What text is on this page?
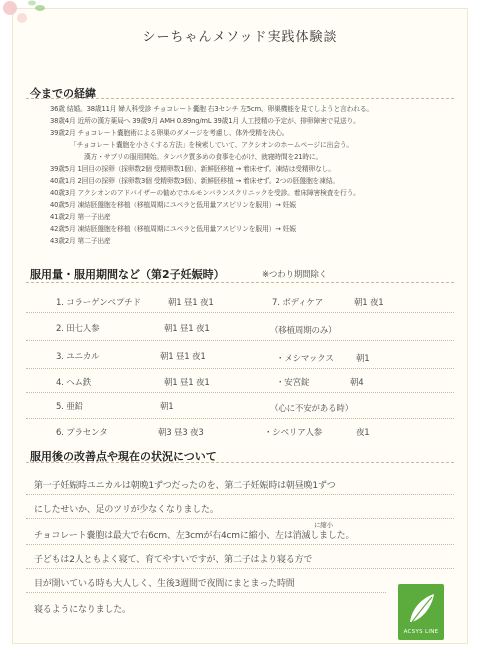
シーちゃんメソッド実践体験談
今までの経緯
36歳 結婚。38歳11月 婦人科受診 チョコレート嚢胞 右3センチ 左5cm、卵巣機能を見てしようと言われる。
38歳4月 近所の漢方薬局へ 39歳9月 AMH 0.89ng/mL 39歳1月 人工授精の予定が、排卵障害で見送り。
39歳2月 チョコレート嚢胞術による卵巣のダメージを考慮し、体外受精を決心。
「チョコレート嚢胞を小さくする方法」を検索していて、アクシオンのホームページに出会う。
漢方・サプリの服用開始。タンパク質多めの食事を心がけ、就寝時間を21時に。
39歳5月 1回目の採卵（採卵数2個 受精卵数1個）、新鮮胚移植 → 着床せず。凍結は受精卵なし。
40歳1月 2回目の採卵（採卵数3個 受精卵数3個）、新鮮胚移植 → 着床せず。2つの胚盤胞を凍結。
40歳3月 アクシオンのアドバイザーの勧めでホルモンバランスクリニックを受診。着床障害検査を行う。
40歳5月 凍結胚盤胞を移植（移植周期にユベラと低用量アスピリンを服用）→ 妊娠
41歳2月 第一子出産
42歳5月 凍結胚盤胞を移植（移植周期にユベラと低用量アスピリンを服用）→ 妊娠
43歳2月 第二子出産
服用量・服用期間など（第2子妊娠時）	※つわり期間除く
1. コラーゲンペプチド	朝1 昼1 夜1	7. ボディケア	朝1 夜1
2. 田七人参	朝1 昼1 夜1	（移植周期のみ）
3. ユニカル	朝1 昼1 夜1	・メシマックス	朝1
4. ヘム鉄	朝1 昼1 夜1	・安宮錠	朝4
5. 亜鉛	朝1	（心に不安がある時）
6. プラセンタ	朝3 昼3 夜3	・シベリア人参	夜1
服用後の改善点や現在の状況について
第一子妊娠時ユニカルは朝晩1ずつだったのを、第二子妊娠時は朝昼晩1ずつ
にしたせいか、足のツリが少なくなりました。
に縮小
チョコレート嚢胞は最大で右6cm、左3cmが右4cmに縮小、左は消滅しました。
子どもは2人ともよく寝て、育てやすいですが、第二子はより寝る方で
目が開いている時も大人しく、生後3週間で夜間にまとまった時間
寝るようになりました。
ACSYS LINE
